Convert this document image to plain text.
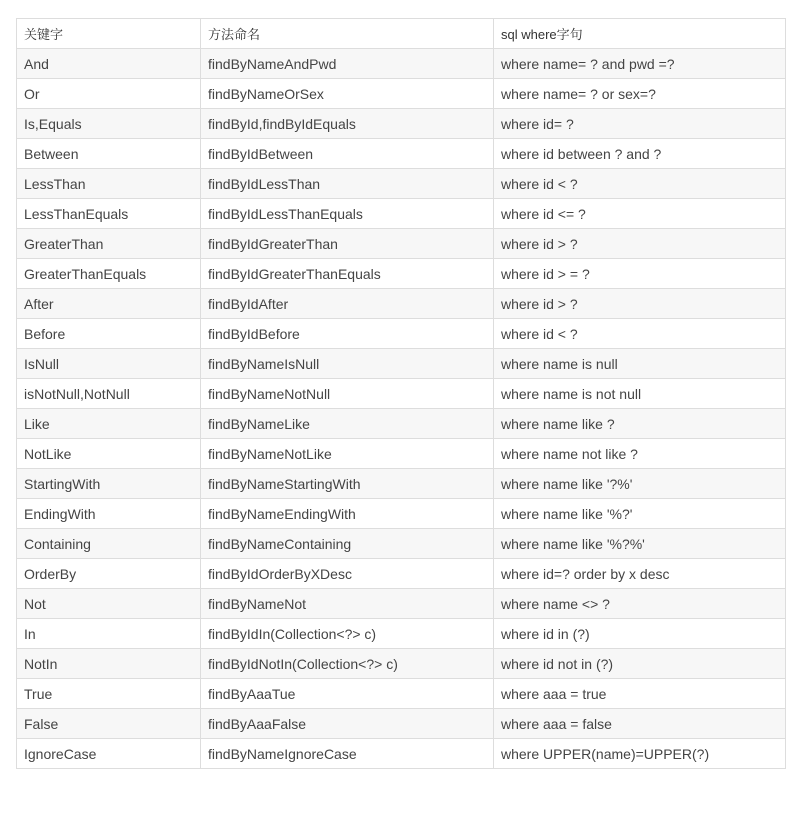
关键字	方法命名	sql where字句
And	findByNameAndPwd	where name= ? and pwd =?
Or	findByNameOrSex	where name= ? or sex=?
Is,Equals	findById,findByIdEquals	where id= ?
Between	findByIdBetween	where id between ? and ?
LessThan	findByIdLessThan	where id < ?
LessThanEquals	findByIdLessThanEquals	where id <= ?
GreaterThan	findByIdGreaterThan	where id > ?
GreaterThanEquals	findByIdGreaterThanEquals	where id > = ?
After	findByIdAfter	where id > ?
Before	findByIdBefore	where id < ?
IsNull	findByNameIsNull	where name is null
isNotNull,NotNull	findByNameNotNull	where name is not null
Like	findByNameLike	where name like ?
NotLike	findByNameNotLike	where name not like ?
StartingWith	findByNameStartingWith	where name like '?%'
EndingWith	findByNameEndingWith	where name like '%?'
Containing	findByNameContaining	where name like '%?%'
OrderBy	findByIdOrderByXDesc	where id=? order by x desc
Not	findByNameNot	where name <> ?
In	findByIdIn(Collection<?> c)	where id in (?)
NotIn	findByIdNotIn(Collection<?> c)	where id not in (?)
True	findByAaaTue	where aaa = true
False	findByAaaFalse	where aaa = false
IgnoreCase	findByNameIgnoreCase	where UPPER(name)=UPPER(?)
